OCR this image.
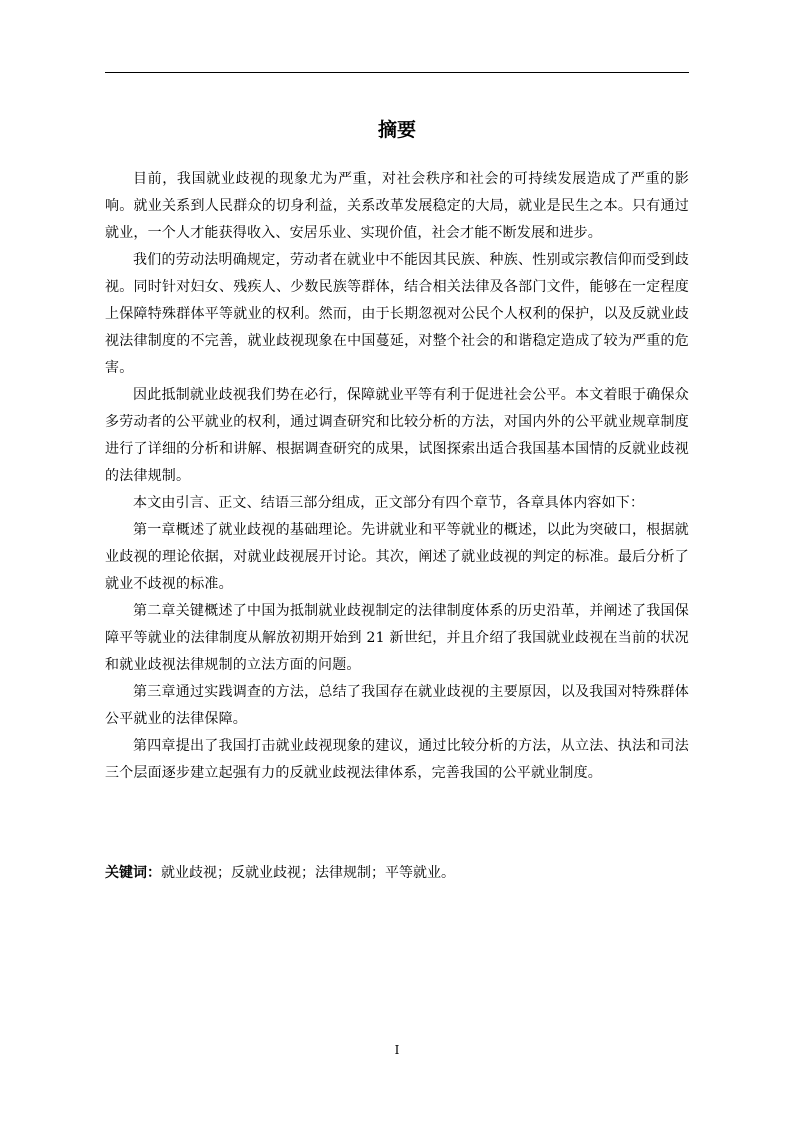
摘要

目前，我国就业歧视的现象尤为严重，对社会秩序和社会的可持续发展造成了严重的影响。就业关系到人民群众的切身利益，关系改革发展稳定的大局，就业是民生之本。只有通过就业，一个人才能获得收入、安居乐业、实现价值，社会才能不断发展和进步。

我们的劳动法明确规定，劳动者在就业中不能因其民族、种族、性别或宗教信仰而受到歧视。同时针对妇女、残疾人、少数民族等群体，结合相关法律及各部门文件，能够在一定程度上保障特殊群体平等就业的权利。然而，由于长期忽视对公民个人权利的保护，以及反就业歧视法律制度的不完善，就业歧视现象在中国蔓延，对整个社会的和谐稳定造成了较为严重的危害。

因此抵制就业歧视我们势在必行，保障就业平等有利于促进社会公平。本文着眼于确保众多劳动者的公平就业的权利，通过调查研究和比较分析的方法，对国内外的公平就业规章制度进行了详细的分析和讲解、根据调查研究的成果，试图探索出适合我国基本国情的反就业歧视的法律规制。

本文由引言、正文、结语三部分组成，正文部分有四个章节，各章具体内容如下：

第一章概述了就业歧视的基础理论。先讲就业和平等就业的概述，以此为突破口，根据就业歧视的理论依据，对就业歧视展开讨论。其次，阐述了就业歧视的判定的标准。最后分析了就业不歧视的标准。

第二章关键概述了中国为抵制就业歧视制定的法律制度体系的历史沿革，并阐述了我国保障平等就业的法律制度从解放初期开始到 21 新世纪，并且介绍了我国就业歧视在当前的状况和就业歧视法律规制的立法方面的问题。

第三章通过实践调查的方法，总结了我国存在就业歧视的主要原因，以及我国对特殊群体公平就业的法律保障。

第四章提出了我国打击就业歧视现象的建议，通过比较分析的方法，从立法、执法和司法三个层面逐步建立起强有力的反就业歧视法律体系，完善我国的公平就业制度。

关键词：就业歧视；反就业歧视；法律规制；平等就业。

I
